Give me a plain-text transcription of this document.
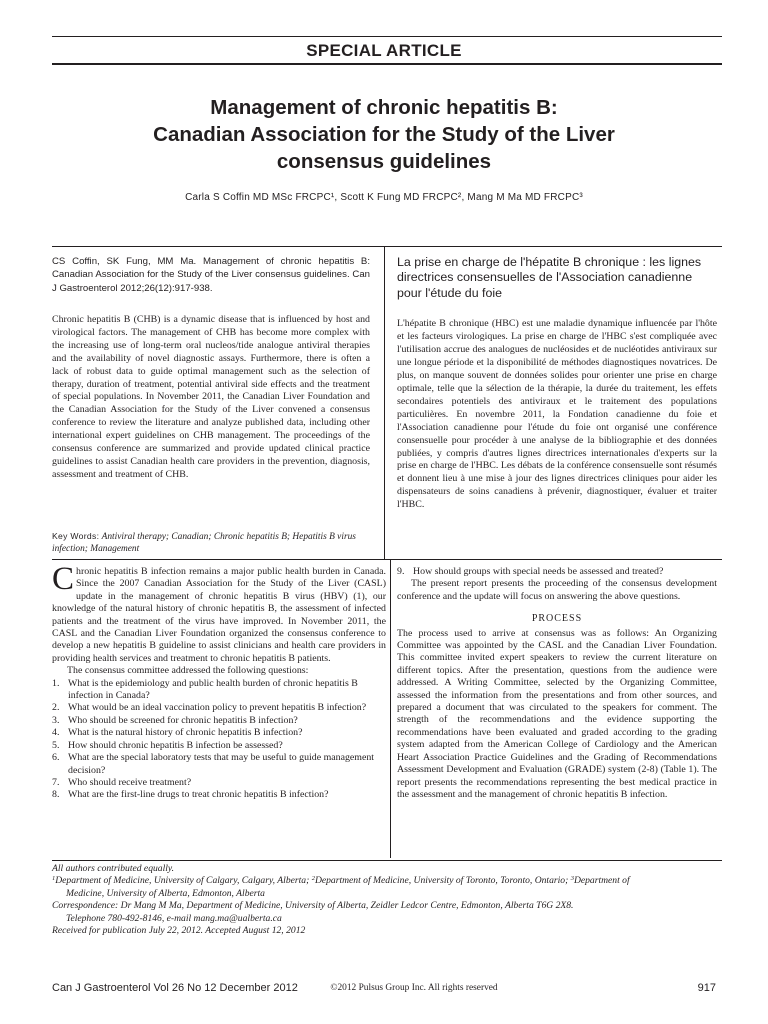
SPECIAL ARTICLE
Management of chronic hepatitis B:
Canadian Association for the Study of the Liver
consensus guidelines
Carla S Coffin MD MSc FRCPC¹, Scott K Fung MD FRCPC², Mang M Ma MD FRCPC³
CS Coffin, SK Fung, MM Ma. Management of chronic hepatitis B: Canadian Association for the Study of the Liver consensus guidelines. Can J Gastroenterol 2012;26(12):917-938.
Chronic hepatitis B (CHB) is a dynamic disease that is influenced by host and virological factors. The management of CHB has become more complex with the increasing use of long-term oral nucleos/tide analogue antiviral therapies and the availability of novel diagnostic assays. Furthermore, there is often a lack of robust data to guide optimal management such as the selection of therapy, duration of treatment, potential antiviral side effects and the treatment of special populations. In November 2011, the Canadian Liver Foundation and the Canadian Association for the Study of the Liver convened a consensus conference to review the literature and analyze published data, including other international expert guidelines on CHB management. The proceedings of the consensus conference are summarized and provide updated clinical practice guidelines to assist Canadian health care providers in the prevention, diagnosis, assessment and treatment of CHB.
Key Words: Antiviral therapy; Canadian; Chronic hepatitis B; Hepatitis B virus infection; Management
La prise en charge de l'hépatite B chronique : les lignes directrices consensuelles de l'Association canadienne pour l'étude du foie
L'hépatite B chronique (HBC) est une maladie dynamique influencée par l'hôte et les facteurs virologiques. La prise en charge de l'HBC s'est compliquée avec l'utilisation accrue des analogues de nucléosides et de nucléotides antiviraux sur une longue période et la disponibilité de méthodes diagnostiques novatrices. De plus, on manque souvent de données solides pour orienter une prise en charge optimale, telle que la sélection de la thérapie, la durée du traitement, les effets secondaires potentiels des antiviraux et le traitement des populations particulières. En novembre 2011, la Fondation canadienne du foie et l'Association canadienne pour l'étude du foie ont organisé une conférence consensuelle pour procéder à une analyse de la bibliographie et des données publiées, y compris d'autres lignes directrices internationales d'experts sur la prise en charge de l'HBC. Les débats de la conférence consensuelle sont résumés et donnent lieu à une mise à jour des lignes directrices cliniques pour aider les dispensateurs de soins canadiens à prévenir, diagnostiquer, évaluer et traiter l'HBC.

Chronic hepatitis B infection remains a major public health burden in Canada. Since the 2007 Canadian Association for the Study of the Liver (CASL) update in the management of chronic hepatitis B virus (HBV) (1), our knowledge of the natural history of chronic hepatitis B, the assessment of infected patients and the treatment of the virus have improved. In November 2011, the CASL and the Canadian Liver Foundation organized the consensus conference to develop a new hepatitis B guideline to assist clinicians and health care providers in providing health services and treatment to chronic hepatitis B patients.

The consensus committee addressed the following questions:

1. What is the epidemiology and public health burden of chronic hepatitis B infection in Canada?
2. What would be an ideal vaccination policy to prevent hepatitis B infection?
3. Who should be screened for chronic hepatitis B infection?
4. What is the natural history of chronic hepatitis B infection?
5. How should chronic hepatitis B infection be assessed?
6. What are the special laboratory tests that may be useful to guide management decision?
7. Who should receive treatment?
8. What are the first-line drugs to treat chronic hepatitis B infection?

9. How should groups with special needs be assessed and treated?

The present report presents the proceeding of the consensus development conference and the update will focus on answering the above questions.

PROCESS

The process used to arrive at consensus was as follows: An Organizing Committee was appointed by the CASL and the Canadian Liver Foundation. This committee invited expert speakers to review the current literature on different topics. After the presentation, questions from the audience were addressed. A Writing Committee, selected by the Organizing Committee, assessed the information from the presentations and from other sources, and prepared a document that was circulated to the speakers for comment. The strength of the recommendations and the evidence supporting the recommendations have been evaluated and graded according to the grading system adapted from the American College of Cardiology and the American Heart Association Practice Guidelines and the Grading of Recommendations Assessment Development and Evaluation (GRADE) system (2-8) (Table 1). The report presents the recommendations representing the best medical practice in the assessment and the management of chronic hepatitis B infection.

All authors contributed equally.

$^1$Department of Medicine, University of Calgary, Calgary, Alberta; $^2$Department of Medicine, University of Toronto, Toronto, Ontario; $^3$Department of

Medicine, University of Alberta, Edmonton, Alberta

Correspondence: Dr Mang M Ma, Department of Medicine, University of Alberta, Zeidler Ledcor Centre, Edmonton, Alberta T6G 2X8.

Telephone 780-492-8146, e-mail mang.ma@ualberta.ca

Received for publication July 22, 2012. Accepted August 12, 2012

Can J Gastroenterol Vol 26 No 12 December 2012	©2012 Pulsus Group Inc. All rights reserved	917
